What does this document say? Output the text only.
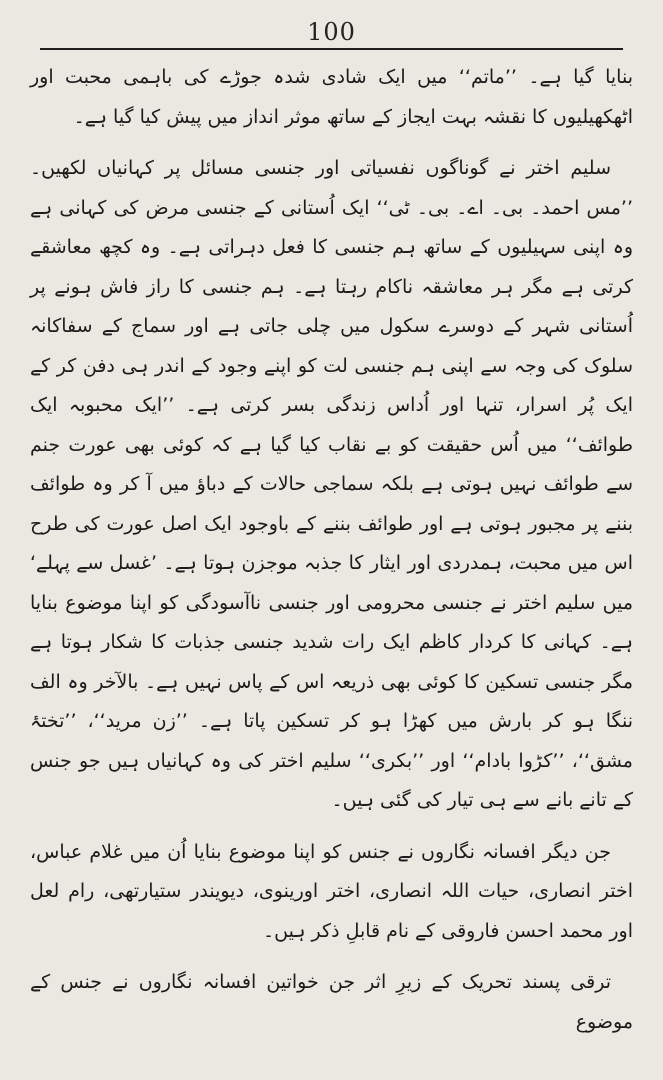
100

بنایا گیا ہے۔ ’’ماتم‘‘ میں ایک شادی شدہ جوڑے کی باہمی محبت اور اٹھکھیلیوں کا نقشہ بہت ایجاز کے ساتھ موثر انداز میں پیش کیا گیا ہے۔

سلیم اختر نے گوناگوں نفسیاتی اور جنسی مسائل پر کہانیاں لکھیں۔ ’’مس احمد۔ بی۔ اے۔ بی۔ ٹی‘‘ ایک اُستانی کے جنسی مرض کی کہانی ہے وہ اپنی سہیلیوں کے ساتھ ہم جنسی کا فعل دہراتی ہے۔ وہ کچھ معاشقے کرتی ہے مگر ہر معاشقہ ناکام رہتا ہے۔ ہم جنسی کا راز فاش ہونے پر اُستانی شہر کے دوسرے سکول میں چلی جاتی ہے اور سماج کے سفاکانہ سلوک کی وجہ سے اپنی ہم جنسی لت کو اپنے وجود کے اندر ہی دفن کر کے ایک پُر اسرار، تنہا اور اُداس زندگی بسر کرتی ہے۔ ’’ایک محبوبہ ایک طوائف‘‘ میں اُس حقیقت کو بے نقاب کیا گیا ہے کہ کوئی بھی عورت جنم سے طوائف نہیں ہوتی ہے بلکہ سماجی حالات کے دباؤ میں آ کر وہ طوائف بننے پر مجبور ہوتی ہے اور طوائف بننے کے باوجود ایک اصل عورت کی طرح اس میں محبت، ہمدردی اور ایثار کا جذبہ موجزن ہوتا ہے۔ ’غسل سے پہلے‘ میں سلیم اختر نے جنسی محرومی اور جنسی ناآسودگی کو اپنا موضوع بنایا ہے۔ کہانی کا کردار کاظم ایک رات شدید جنسی جذبات کا شکار ہوتا ہے مگر جنسی تسکین کا کوئی بھی ذریعہ اس کے پاس نہیں ہے۔ بالآخر وہ الف ننگا ہو کر بارش میں کھڑا ہو کر تسکین پاتا ہے۔ ’’زن مرید‘‘، ’’تختۂ مشق‘‘، ’’کڑوا بادام‘‘ اور ’’بکری‘‘ سلیم اختر کی وہ کہانیاں ہیں جو جنس کے تانے بانے سے ہی تیار کی گئی ہیں۔

جن دیگر افسانہ نگاروں نے جنس کو اپنا موضوع بنایا اُن میں غلام عباس، اختر انصاری، حیات اللہ انصاری، اختر اورینوی، دیویندر ستیارتھی، رام لعل اور محمد احسن فاروقی کے نام قابلِ ذکر ہیں۔

ترقی پسند تحریک کے زیرِ اثر جن خواتین افسانہ نگاروں نے جنس کے موضوع
